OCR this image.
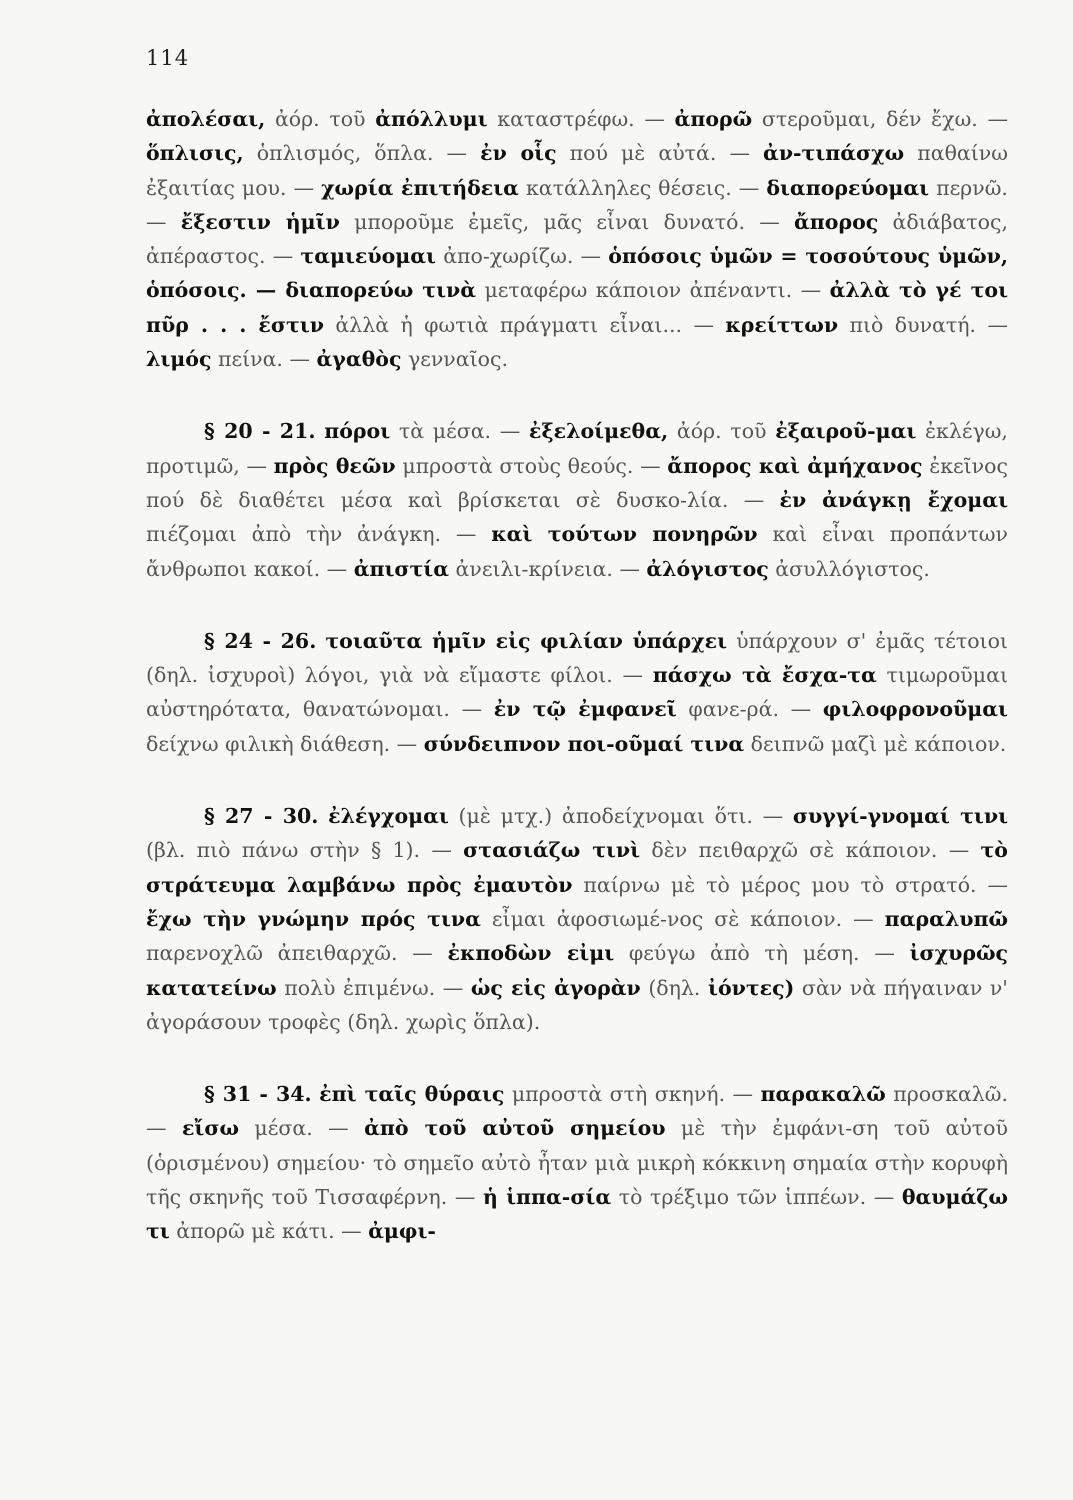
114

ἀπολέσαι, ἀόρ. τοῦ ἀπόλλυμι καταστρέφω. — ἀπορῶ στεροῦμαι, δέν ἔχω. — ὅπλισις, ὁπλισμός, ὅπλα. — ἐν οἷς πού μὲ αὐτά. — ἀν-τιπάσχω παθαίνω ἐξαιτίας μου. — χωρία ἐπιτήδεια κατάλληλες θέσεις. — διαπορεύομαι περνῶ. — ἔξεστιν ἡμῖν μποροῦμε ἐμεῖς, μᾶς εἶναι δυνατό. — ἄπορος ἀδιάβατος, ἀπέραστος. — ταμιεύομαι ἀπο-χωρίζω. — ὁπόσοις ὑμῶν = τοσούτους ὑμῶν, ὁπόσοις. — διαπορεύω τινὰ μεταφέρω κάποιον ἀπέναντι. — ἀλλὰ τὸ γέ τοι πῦρ . . . ἔστιν ἀλλὰ ἡ φωτιὰ πράγματι εἶναι... — κρείττων πιὸ δυνατή. — λιμός πείνα. — ἀγαθὸς γενναῖος.

§ 20 - 21. πόροι τὰ μέσα. — ἐξελοίμεθα, ἀόρ. τοῦ ἐξαιροῦ-μαι ἐκλέγω, προτιμῶ, — πρὸς θεῶν μπροστὰ στοὺς θεούς. — ἄπορος καὶ ἀμήχανος ἐκεῖνος πού δὲ διαθέτει μέσα καὶ βρίσκεται σὲ δυσκο-λία. — ἐν ἀνάγκῃ ἔχομαι πιέζομαι ἀπὸ τὴν ἀνάγκη. — καὶ τούτων πονηρῶν καὶ εἶναι προπάντων ἄνθρωποι κακοί. — ἀπιστία ἀνειλι-κρίνεια. — ἀλόγιστος ἀσυλλόγιστος.

§ 24 - 26. τοιαῦτα ἡμῖν εἰς φιλίαν ὑπάρχει ὑπάρχουν σ' ἐμᾶς τέτοιοι (δηλ. ἰσχυροὶ) λόγοι, γιὰ νὰ εἴμαστε φίλοι. — πάσχω τὰ ἔσχα-τα τιμωροῦμαι αὐστηρότατα, θανατώνομαι. — ἐν τῷ ἐμφανεῖ φανε-ρά. — φιλοφρονοῦμαι δείχνω φιλικὴ διάθεση. — σύνδειπνον ποι-οῦμαί τινα δειπνῶ μαζὶ μὲ κάποιον.

§ 27 - 30. ἐλέγχομαι (μὲ μτχ.) ἀποδείχνομαι ὅτι. — συγγί-γνομαί τινι (βλ. πιὸ πάνω στὴν § 1). — στασιάζω τινὶ δὲν πειθαρχῶ σὲ κάποιον. — τὸ στράτευμα λαμβάνω πρὸς ἐμαυτὸν παίρνω μὲ τὸ μέρος μου τὸ στρατό. — ἔχω τὴν γνώμην πρός τινα εἶμαι ἀφοσιωμέ-νος σὲ κάποιον. — παραλυπῶ παρενοχλῶ ἀπειθαρχῶ. — ἐκποδὼν εἰμι φεύγω ἀπὸ τὴ μέση. — ἰσχυρῶς κατατείνω πολὺ ἐπιμένω. — ὡς εἰς ἀγορὰν (δηλ. ἰόντες) σὰν νὰ πήγαιναν ν' ἀγοράσουν τροφὲς (δηλ. χωρὶς ὅπλα).

§ 31 - 34. ἐπὶ ταῖς θύραις μπροστὰ στὴ σκηνή. — παρακαλῶ προσκαλῶ. — εἴσω μέσα. — ἀπὸ τοῦ αὐτοῦ σημείου μὲ τὴν ἐμφάνι-ση τοῦ αὐτοῦ (ὁρισμένου) σημείου· τὸ σημεῖο αὐτὸ ἦταν μιὰ μικρὴ κόκκινη σημαία στὴν κορυφὴ τῆς σκηνῆς τοῦ Τισσαφέρνη. — ἡ ἱππα-σία τὸ τρέξιμο τῶν ἱππέων. — θαυμάζω τι ἀπορῶ μὲ κάτι. — ἀμφι-
